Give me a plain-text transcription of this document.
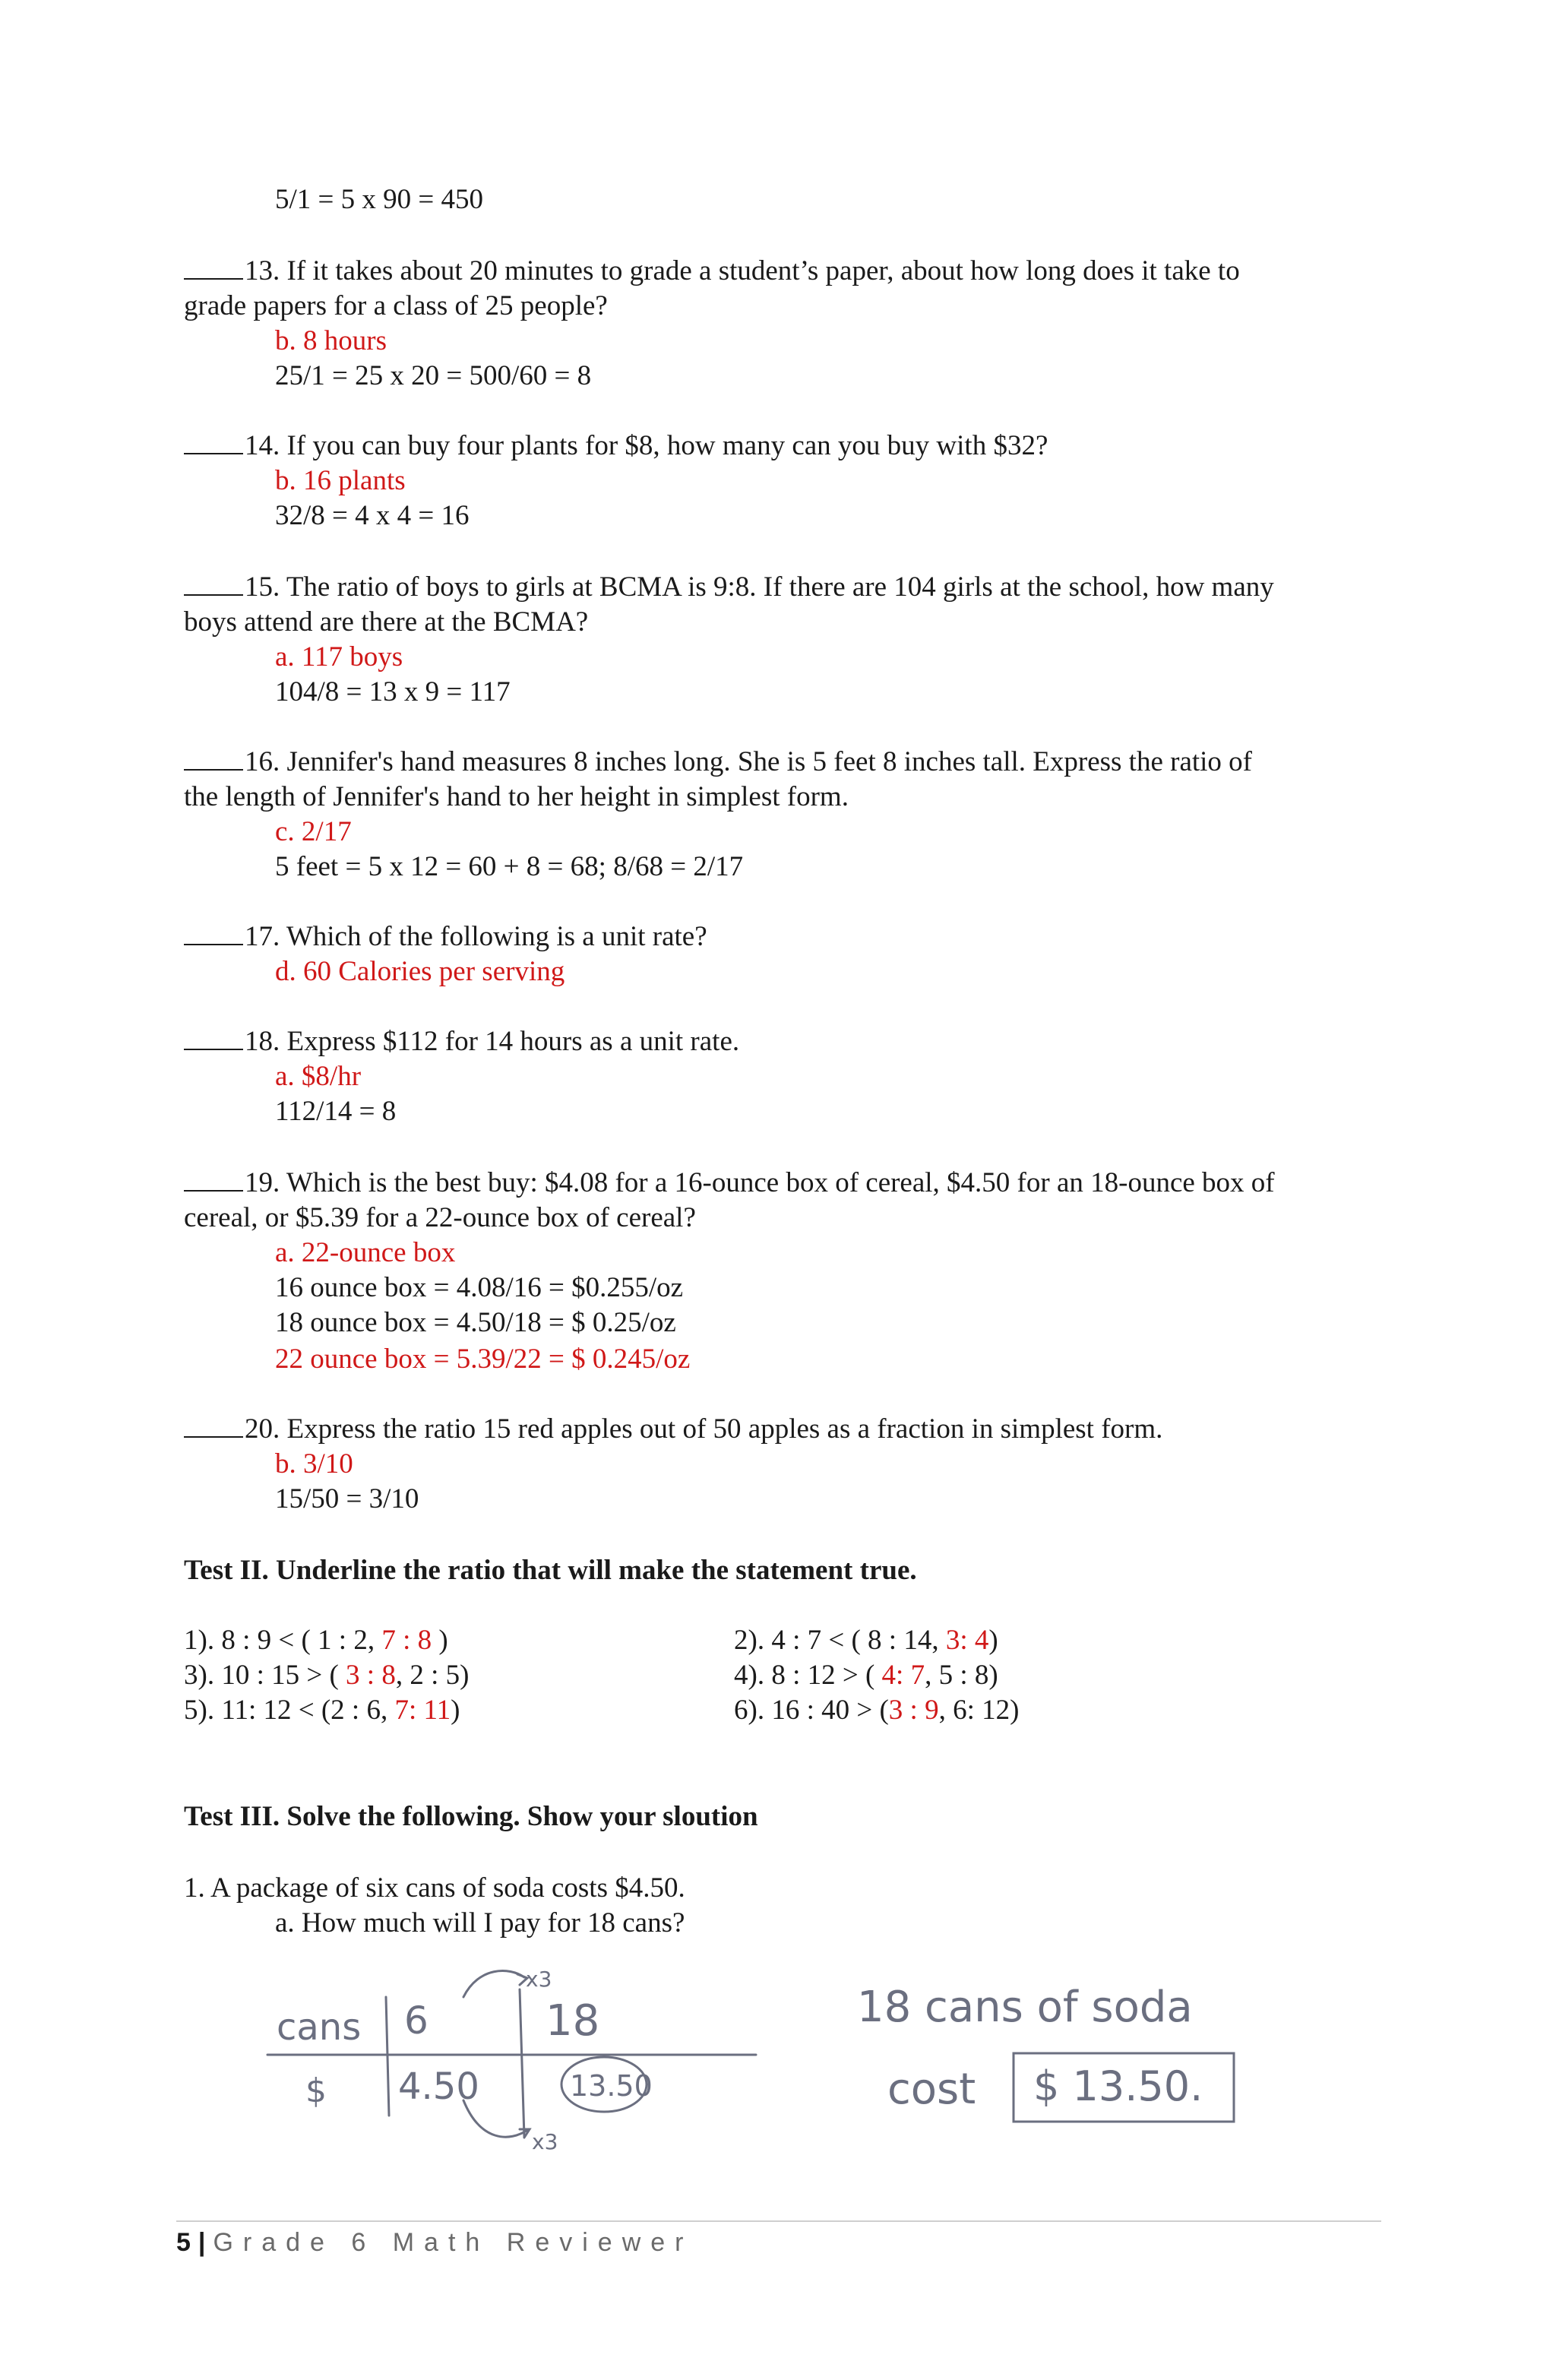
5/1 = 5 x 90 = 450
13. If it takes about 20 minutes to grade a student’s paper, about how long does it take to
grade papers for a class of 25 people?
b. 8 hours
25/1 = 25 x 20 = 500/60 = 8
14. If you can buy four plants for $8, how many can you buy with $32?
b. 16 plants
32/8 = 4 x 4 = 16
15. The ratio of boys to girls at BCMA is 9:8. If there are 104 girls at the school, how many
boys attend are there at the BCMA?
a. 117 boys
104/8 = 13 x 9 = 117
16. Jennifer's hand measures 8 inches long. She is 5 feet 8 inches tall. Express the ratio of
the length of Jennifer's hand to her height in simplest form.
c. 2/17
5 feet = 5 x 12 = 60 + 8 = 68; 8/68 = 2/17
17. Which of the following is a unit rate?
d. 60 Calories per serving
18. Express $112 for 14 hours as a unit rate.
a. $8/hr
112/14 = 8
19. Which is the best buy: $4.08 for a 16-ounce box of cereal, $4.50 for an 18-ounce box of
cereal, or $5.39 for a 22-ounce box of cereal?
a. 22-ounce box
16 ounce box = 4.08/16 = $0.255/oz
18 ounce box = 4.50/18 = $ 0.25/oz
22 ounce box = 5.39/22 = $ 0.245/oz
20. Express the ratio 15 red apples out of 50 apples as a fraction in simplest form.
b. 3/10
15/50 = 3/10
Test II. Underline the ratio that will make the statement true.
1). 8 : 9 < ( 1 : 2, 7 : 8 )	2). 4 : 7 < ( 8 : 14, 3: 4)
3). 10 : 15 > ( 3 : 8, 2 : 5)	4). 8 : 12 > ( 4: 7, 5 : 8)
5). 11: 12 < (2 : 6, 7: 11)	6). 16 : 40 > (3 : 9, 6: 12)
Test III. Solve the following. Show your sloution
1. A package of six cans of soda costs $4.50.
a. How much will I pay for 18 cans?
cans 6	18
$ 4.50	13.50
x3
x3
18 cans of soda
cost $ 13.50.
5 | Grade 6 Math Reviewer
